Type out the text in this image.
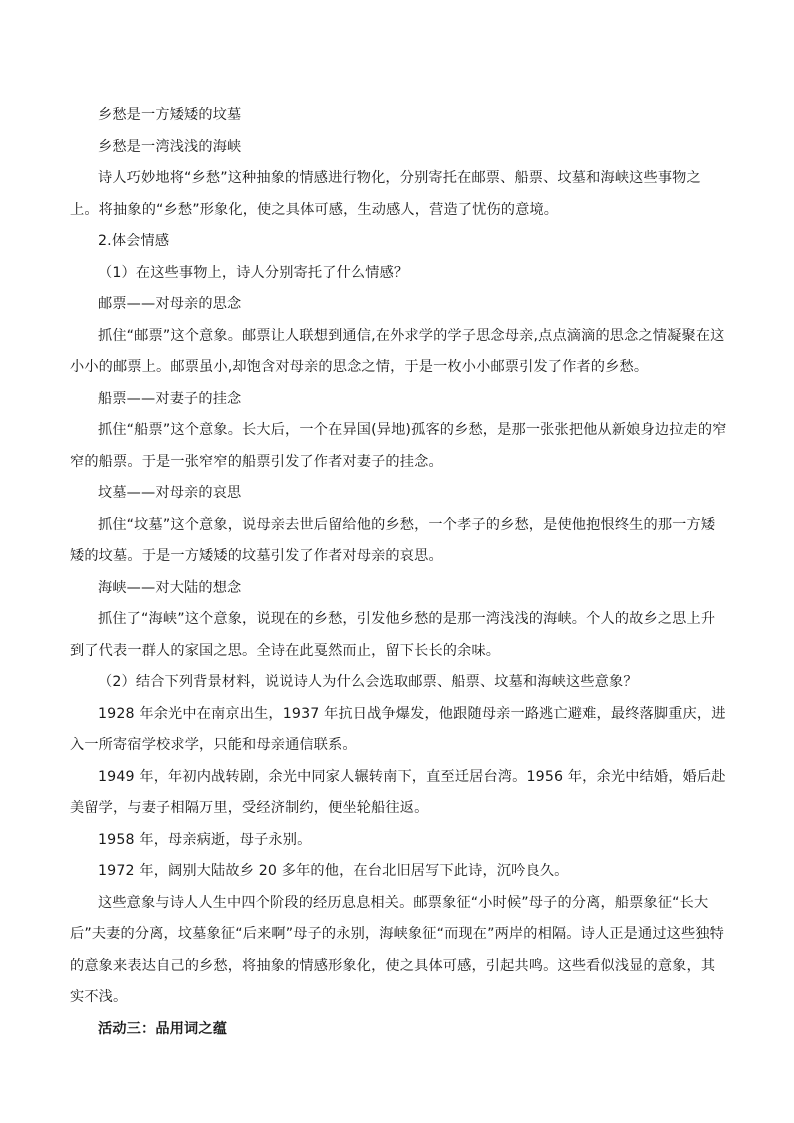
乡愁是一方矮矮的坟墓

乡愁是一湾浅浅的海峡

诗人巧妙地将“乡愁”这种抽象的情感进行物化，分别寄托在邮票、船票、坟墓和海峡这些事物之上。将抽象的“乡愁”形象化，使之具体可感，生动感人，营造了忧伤的意境。

2.体会情感

（1）在这些事物上，诗人分别寄托了什么情感？

邮票——对母亲的思念

抓住“邮票”这个意象。邮票让人联想到通信,在外求学的学子思念母亲,点点滴滴的思念之情凝聚在这小小的邮票上。邮票虽小,却饱含对母亲的思念之情，于是一枚小小邮票引发了作者的乡愁。

船票——对妻子的挂念

抓住“船票”这个意象。长大后，一个在异国(异地)孤客的乡愁，是那一张张把他从新娘身边拉走的窄窄的船票。于是一张窄窄的船票引发了作者对妻子的挂念。

坟墓——对母亲的哀思

抓住“坟墓”这个意象，说母亲去世后留给他的乡愁，一个孝子的乡愁，是使他抱恨终生的那一方矮矮的坟墓。于是一方矮矮的坟墓引发了作者对母亲的哀思。

海峡——对大陆的想念

抓住了“海峡”这个意象，说现在的乡愁，引发他乡愁的是那一湾浅浅的海峡。个人的故乡之思上升到了代表一群人的家国之思。全诗在此戛然而止，留下长长的余味。

（2）结合下列背景材料，说说诗人为什么会选取邮票、船票、坟墓和海峡这些意象？

1928 年余光中在南京出生，1937 年抗日战争爆发，他跟随母亲一路逃亡避难，最终落脚重庆，进入一所寄宿学校求学，只能和母亲通信联系。

1949 年，年初内战转剧，余光中同家人辗转南下，直至迁居台湾。1956 年，余光中结婚，婚后赴美留学，与妻子相隔万里，受经济制约，便坐轮船往返。

1958 年，母亲病逝，母子永别。

1972 年，阔别大陆故乡 20 多年的他，在台北旧居写下此诗，沉吟良久。

这些意象与诗人人生中四个阶段的经历息息相关。邮票象征“小时候”母子的分离，船票象征“长大后”夫妻的分离，坟墓象征“后来啊”母子的永别，海峡象征“而现在”两岸的相隔。诗人正是通过这些独特的意象来表达自己的乡愁，将抽象的情感形象化，使之具体可感，引起共鸣。这些看似浅显的意象，其实不浅。

活动三：品用词之蕴
